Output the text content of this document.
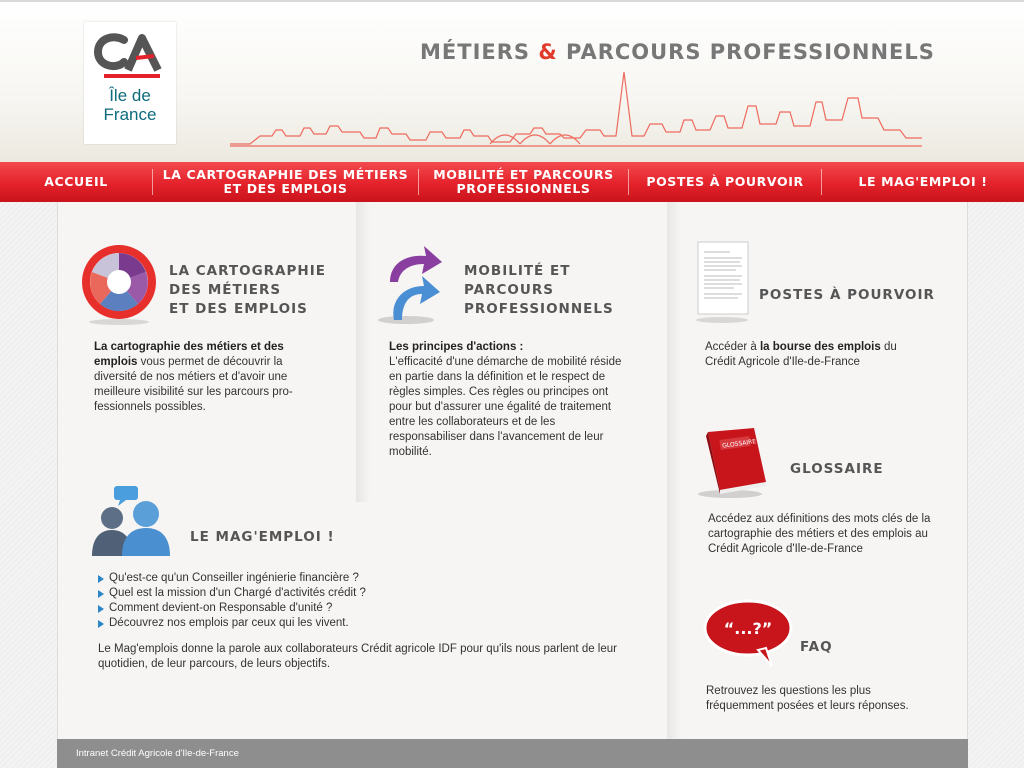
Île de
France
MÉTIERS & PARCOURS PROFESSIONNELS
ACCUEIL	LA CARTOGRAPHIE DES MÉTIERS
ET DES EMPLOIS
MOBILITÉ ET PARCOURS
PROFESSIONNELS	POSTES À POURVOIR	LE MAG'EMPLOI !
LA CARTOGRAPHIE
DES MÉTIERS
ET DES EMPLOIS
La cartographie des métiers et des emplois vous permet de découvrir la diversité de nos métiers et d'avoir une meilleure visibilité sur les parcours pro-fessionnels possibles.
MOBILITÉ ET
PARCOURS
PROFESSIONNELS
Les principes d'actions :
L'efficacité d'une démarche de mobilité réside en partie dans la définition et le respect de règles simples. Ces règles ou principes ont pour but d'assurer une égalité de traitement entre les collaborateurs et de les responsabiliser dans l'avancement de leur mobilité.
POSTES À POURVOIR
Accéder à la bourse des emplois du Crédit Agricole d'Ile-de-France
GLOSSAIRE
GLOSSAIRE
Accédez aux définitions des mots clés de la cartographie des métiers et des emplois au Crédit Agricole d'Ile-de-France
“...?”
FAQ
Retrouvez les questions les plus fréquemment posées et leurs réponses.
LE MAG'EMPLOI !
Qu'est-ce qu'un Conseiller ingénierie financière ?
Quel est la mission d'un Chargé d'activités crédit ?
Comment devient-on Responsable d'unité ?
Découvrez nos emplois par ceux qui les vivent.
Le Mag'emplois donne la parole aux collaborateurs Crédit agricole IDF pour qu'ils nous parlent de leur quotidien, de leur parcours, de leurs objectifs.
Intranet Crédit Agricole d'Ile-de-France
